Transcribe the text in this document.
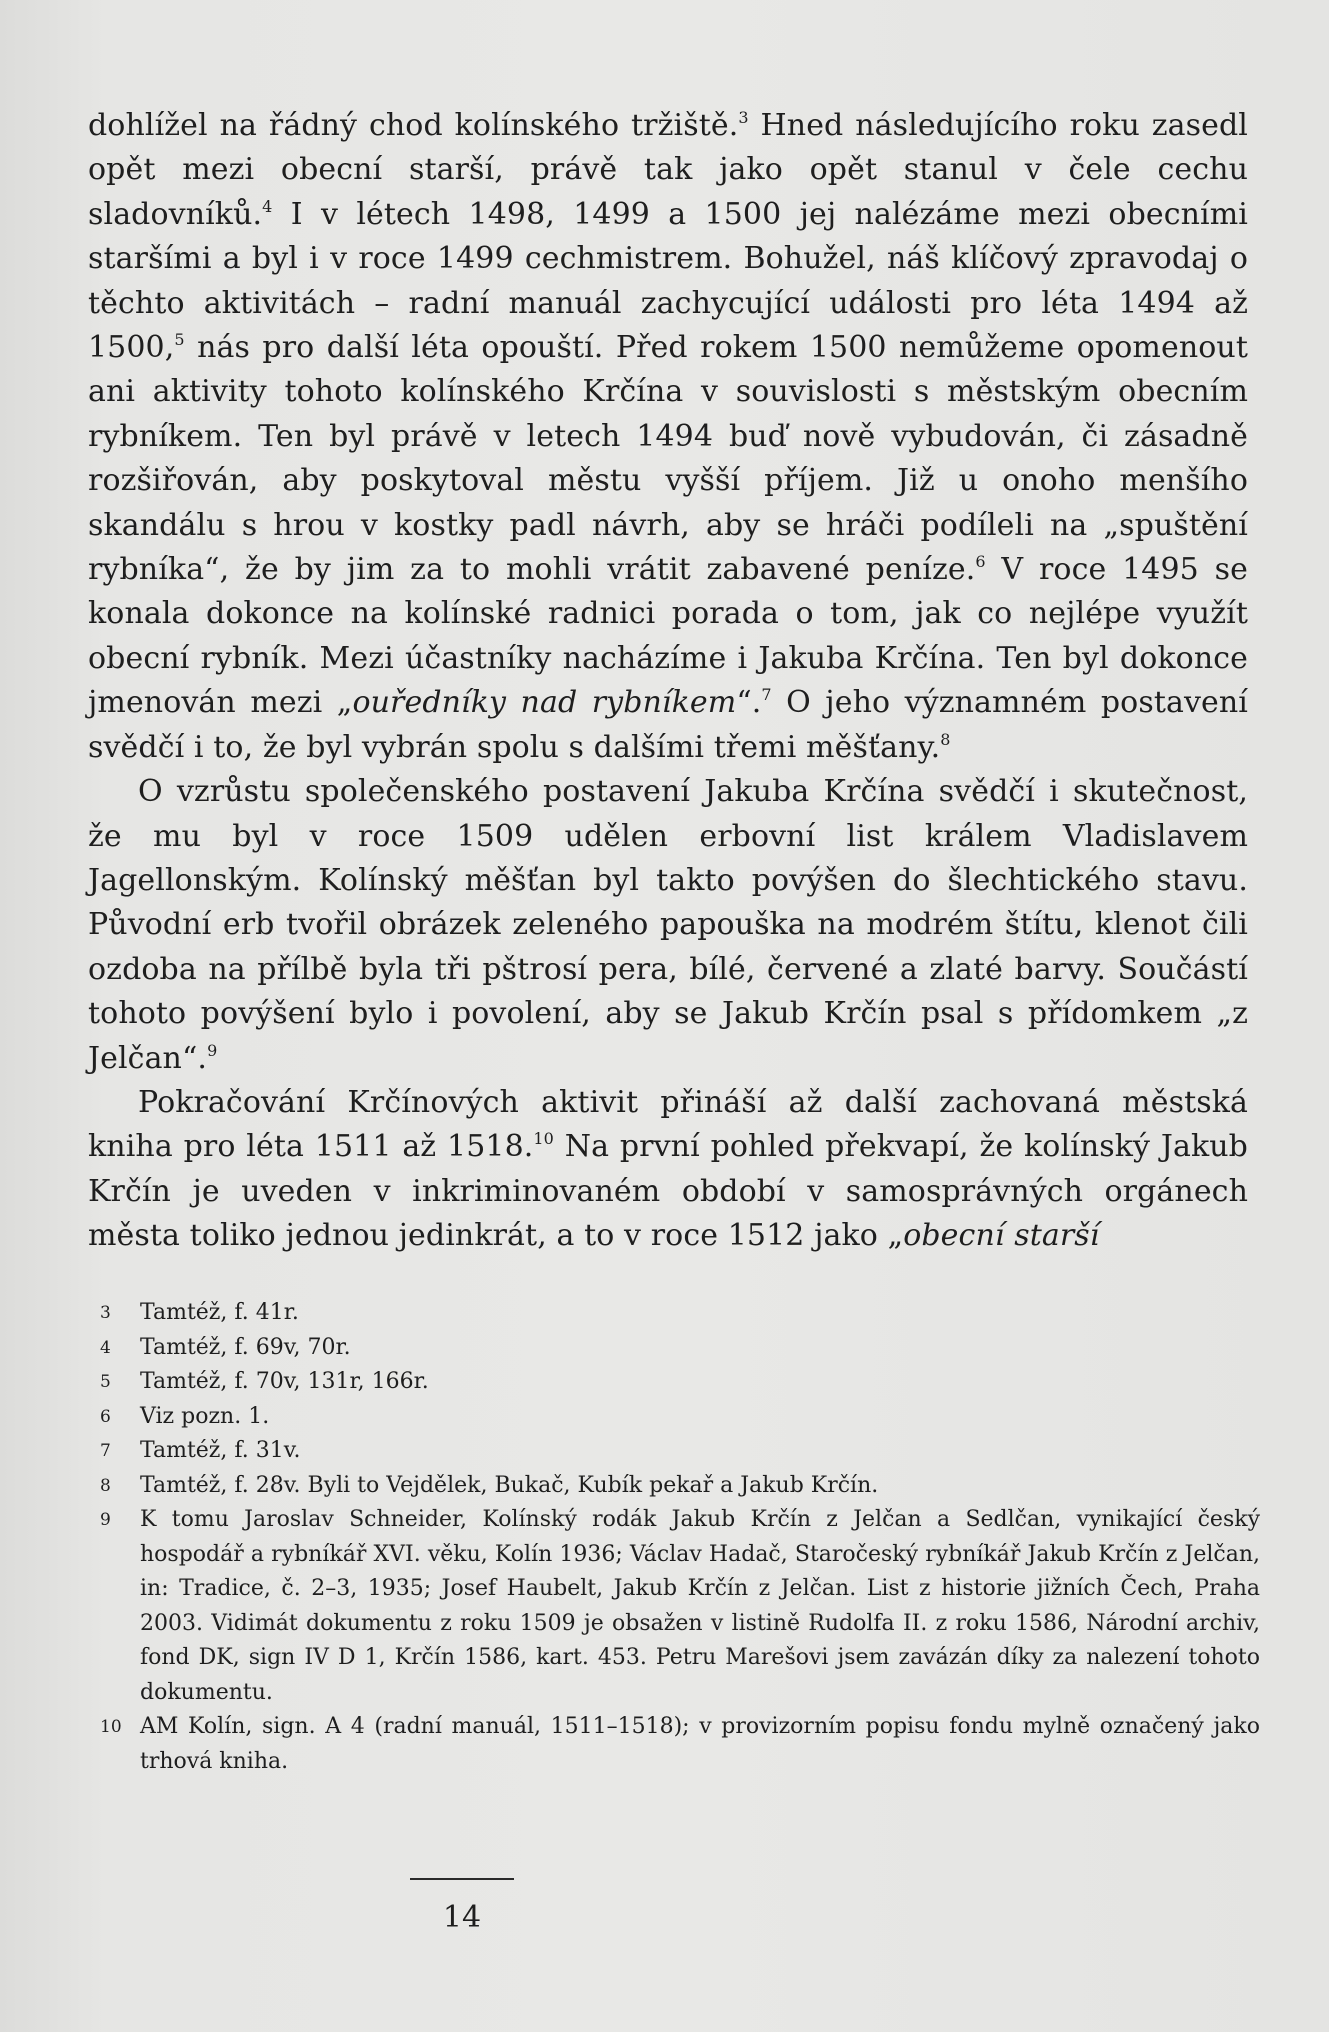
dohlížel na řádný chod kolínského tržiště.$^3$ Hned následujícího roku zasedl opět mezi obecní starší, právě tak jako opět stanul v čele cechu sladovníků.$^4$ I v létech 1498, 1499 a 1500 jej nalézáme mezi obecními staršími a byl i v roce 1499 cechmistrem. Bohužel, náš klíčový zpravodaj o těchto aktivitách – radní manuál zachycující události pro léta 1494 až 1500,$^5$ nás pro další léta opouští. Před rokem 1500 nemůžeme opomenout ani aktivity tohoto kolínského Krčína v souvislosti s městským obecním rybníkem. Ten byl právě v letech 1494 buď nově vybudován, či zásadně rozšiřován, aby poskytoval městu vyšší příjem. Již u onoho menšího skandálu s hrou v kostky padl návrh, aby se hráči podíleli na „spuštění rybníka“, že by jim za to mohli vrátit zabavené peníze.$^6$ V roce 1495 se konala dokonce na kolínské radnici porada o tom, jak co nejlépe využít obecní rybník. Mezi účastníky nacházíme i Jakuba Krčína. Ten byl dokonce jmenován mezi „ouředníky nad rybníkem“.$^7$ O jeho významném postavení svědčí i to, že byl vybrán spolu s dalšími třemi měšťany.$^8$

O vzrůstu společenského postavení Jakuba Krčína svědčí i skutečnost, že mu byl v roce 1509 udělen erbovní list králem Vladislavem Jagellonským. Kolínský měšťan byl takto povýšen do šlechtického stavu. Původní erb tvořil obrázek zeleného papouška na modrém štítu, klenot čili ozdoba na přílbě byla tři pštrosí pera, bílé, červené a zlaté barvy. Součástí tohoto povýšení bylo i povolení, aby se Jakub Krčín psal s přídomkem „z Jelčan“.$^9$

Pokračování Krčínových aktivit přináší až další zachovaná městská kniha pro léta 1511 až 1518.10 Na první pohled překvapí, že kolínský Jakub Krčín je uveden v inkriminovaném období v samosprávných orgánech města toliko jednou jedinkrát, a to v roce 1512 jako „obecní starší

3	Tamtéž, f. 41r.
4	Tamtéž, f. 69v, 70r.
5	Tamtéž, f. 70v, 131r, 166r.
6	Viz pozn. 1.
7	Tamtéž, f. 31v.
8	Tamtéž, f. 28v. Byli to Vejdělek, Bukač, Kubík pekař a Jakub Krčín.
9	K tomu Jaroslav Schneider, Kolínský rodák Jakub Krčín z Jelčan a Sedlčan, vynikající český hospodář a rybníkář XVI. věku, Kolín 1936; Václav Hadač, Staročeský rybníkář Jakub Krčín z Jelčan, in: Tradice, č. 2–3, 1935; Josef Haubelt, Jakub Krčín z Jelčan. List z historie jižních Čech, Praha 2003. Vidimát dokumentu z roku 1509 je obsažen v listině Rudolfa II. z roku 1586, Národní archiv, fond DK, sign IV D 1, Krčín 1586, kart. 453. Petru Marešovi jsem zavázán díky za nalezení tohoto dokumentu.
10 AM Kolín, sign. A 4 (radní manuál, 1511–1518); v provizorním popisu fondu mylně označený jako trhová kniha.
14
